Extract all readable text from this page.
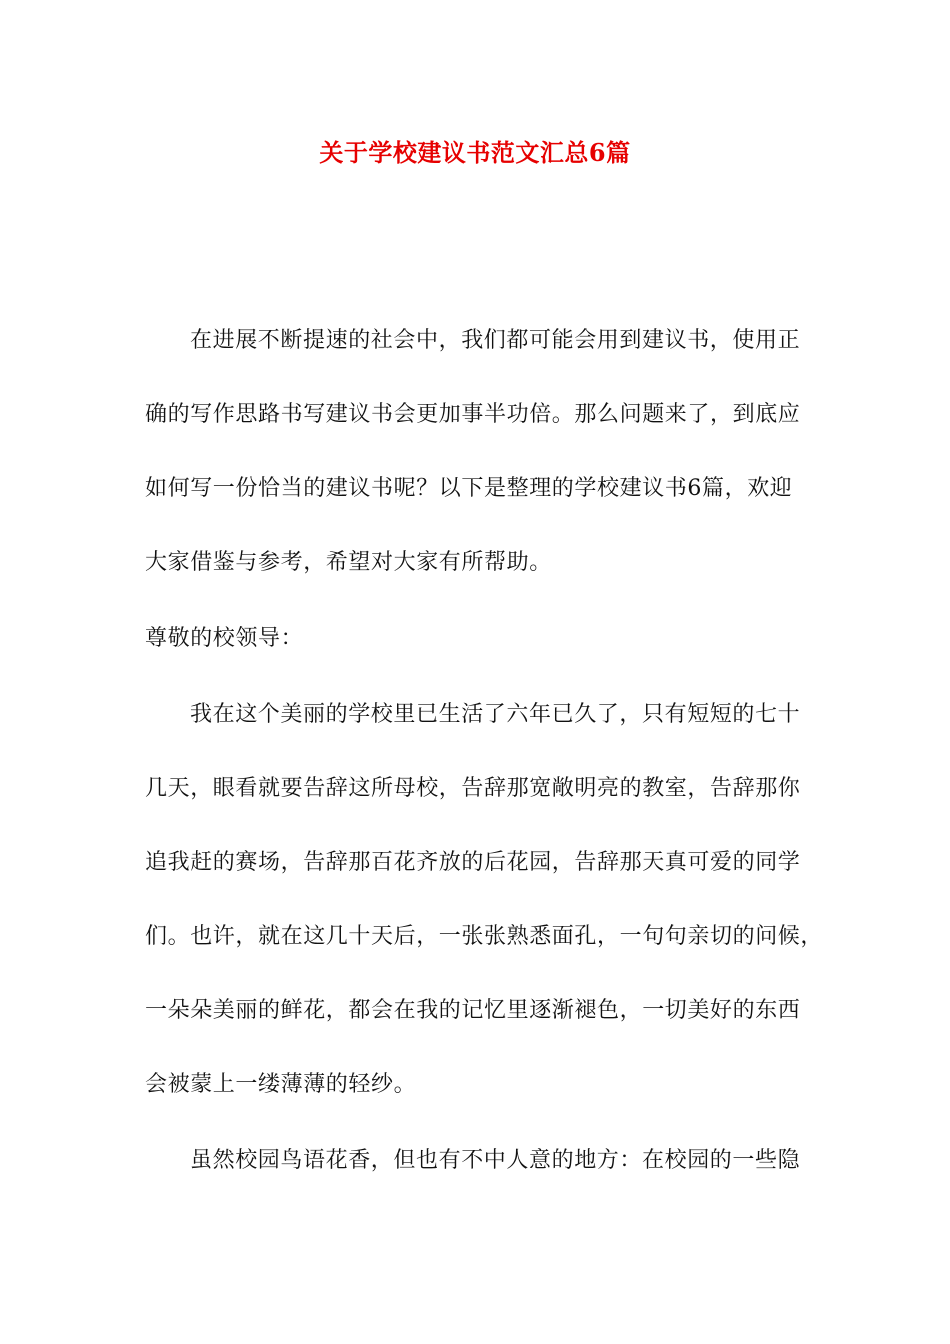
关于学校建议书范文汇总6篇

在进展不断提速的社会中，我们都可能会用到建议书，使用正

确的写作思路书写建议书会更加事半功倍。那么问题来了，到底应

如何写一份恰当的建议书呢？以下是整理的学校建议书6篇，欢迎

大家借鉴与参考，希望对大家有所帮助。

尊敬的校领导：

我在这个美丽的学校里已生活了六年已久了，只有短短的七十

几天，眼看就要告辞这所母校，告辞那宽敞明亮的教室，告辞那你

追我赶的赛场，告辞那百花齐放的后花园，告辞那天真可爱的同学

们。也许，就在这几十天后，一张张熟悉面孔，一句句亲切的问候，

一朵朵美丽的鲜花，都会在我的记忆里逐渐褪色，一切美好的东西

会被蒙上一缕薄薄的轻纱。

虽然校园鸟语花香，但也有不中人意的地方：在校园的一些隐
